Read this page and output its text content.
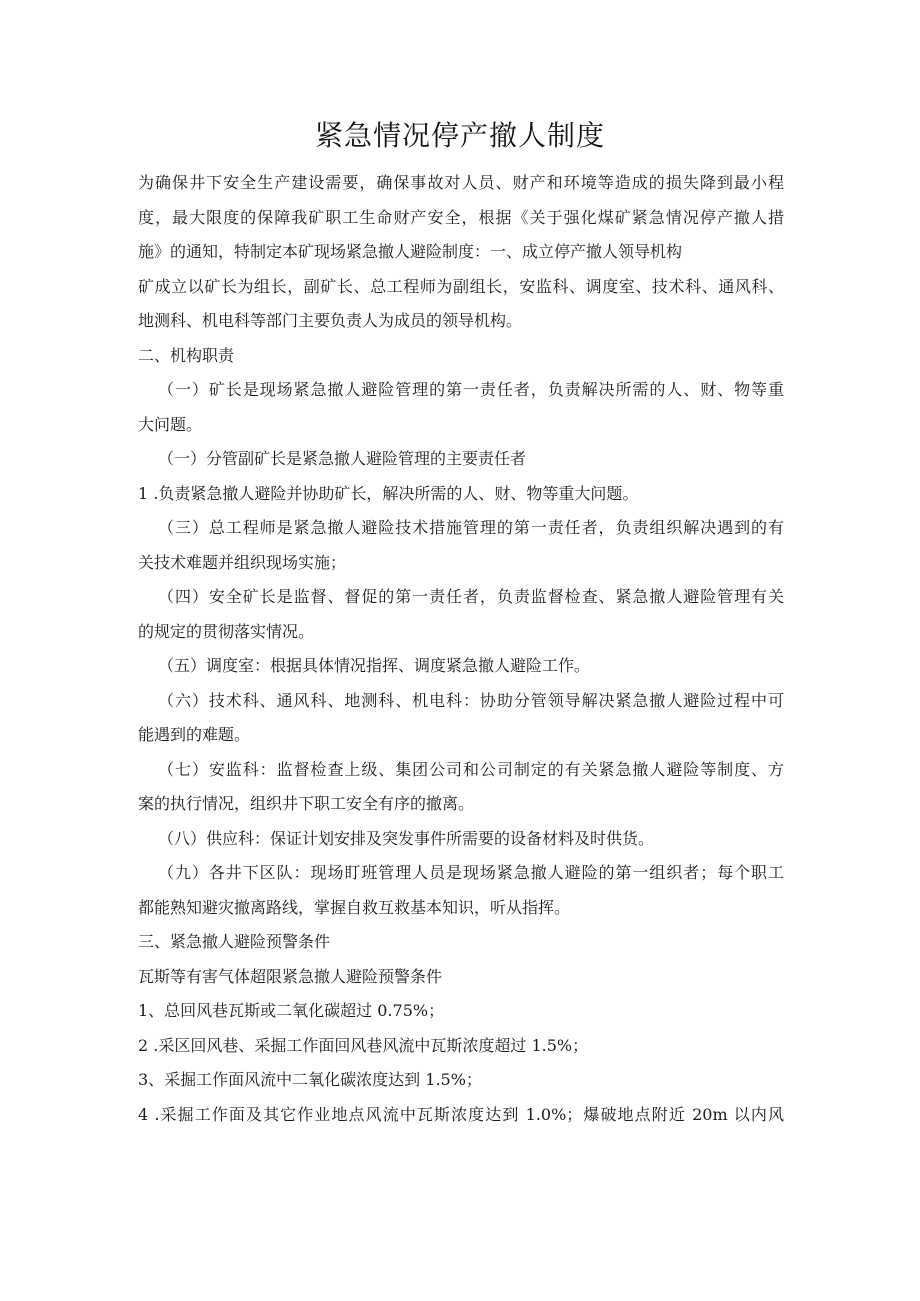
紧急情况停产撤人制度
为确保井下安全生产建设需要，确保事故对人员、财产和环境等造成的损失降到最小程
度，最大限度的保障我矿职工生命财产安全，根据《关于强化煤矿紧急情况停产撤人措
施》的通知，特制定本矿现场紧急撤人避险制度：一、成立停产撤人领导机构
矿成立以矿长为组长，副矿长、总工程师为副组长，安监科、调度室、技术科、通风科、
地测科、机电科等部门主要负责人为成员的领导机构。
二、机构职责
（一）矿长是现场紧急撤人避险管理的第一责任者，负责解决所需的人、财、物等重
大问题。
（一）分管副矿长是紧急撤人避险管理的主要责任者
1 .负责紧急撤人避险并协助矿长，解决所需的人、财、物等重大问题。
（三）总工程师是紧急撤人避险技术措施管理的第一责任者，负责组织解决遇到的有
关技术难题并组织现场实施；
（四）安全矿长是监督、督促的第一责任者，负责监督检查、紧急撤人避险管理有关
的规定的贯彻落实情况。
（五）调度室：根据具体情况指挥、调度紧急撤人避险工作。
（六）技术科、通风科、地测科、机电科：协助分管领导解决紧急撤人避险过程中可
能遇到的难题。
（七）安监科：监督检查上级、集团公司和公司制定的有关紧急撤人避险等制度、方
案的执行情况，组织井下职工安全有序的撤离。
（八）供应科：保证计划安排及突发事件所需要的设备材料及时供货。
（九）各井下区队：现场盯班管理人员是现场紧急撤人避险的第一组织者；每个职工
都能熟知避灾撤离路线，掌握自救互救基本知识，听从指挥。
三、紧急撤人避险预警条件
瓦斯等有害气体超限紧急撤人避险预警条件
1、总回风巷瓦斯或二氧化碳超过 0.75%；
2 .采区回风巷、采掘工作面回风巷风流中瓦斯浓度超过 1.5%；
3、采掘工作面风流中二氧化碳浓度达到 1.5%；
4 .采掘工作面及其它作业地点风流中瓦斯浓度达到 1.0%；爆破地点附近 20m 以内风
